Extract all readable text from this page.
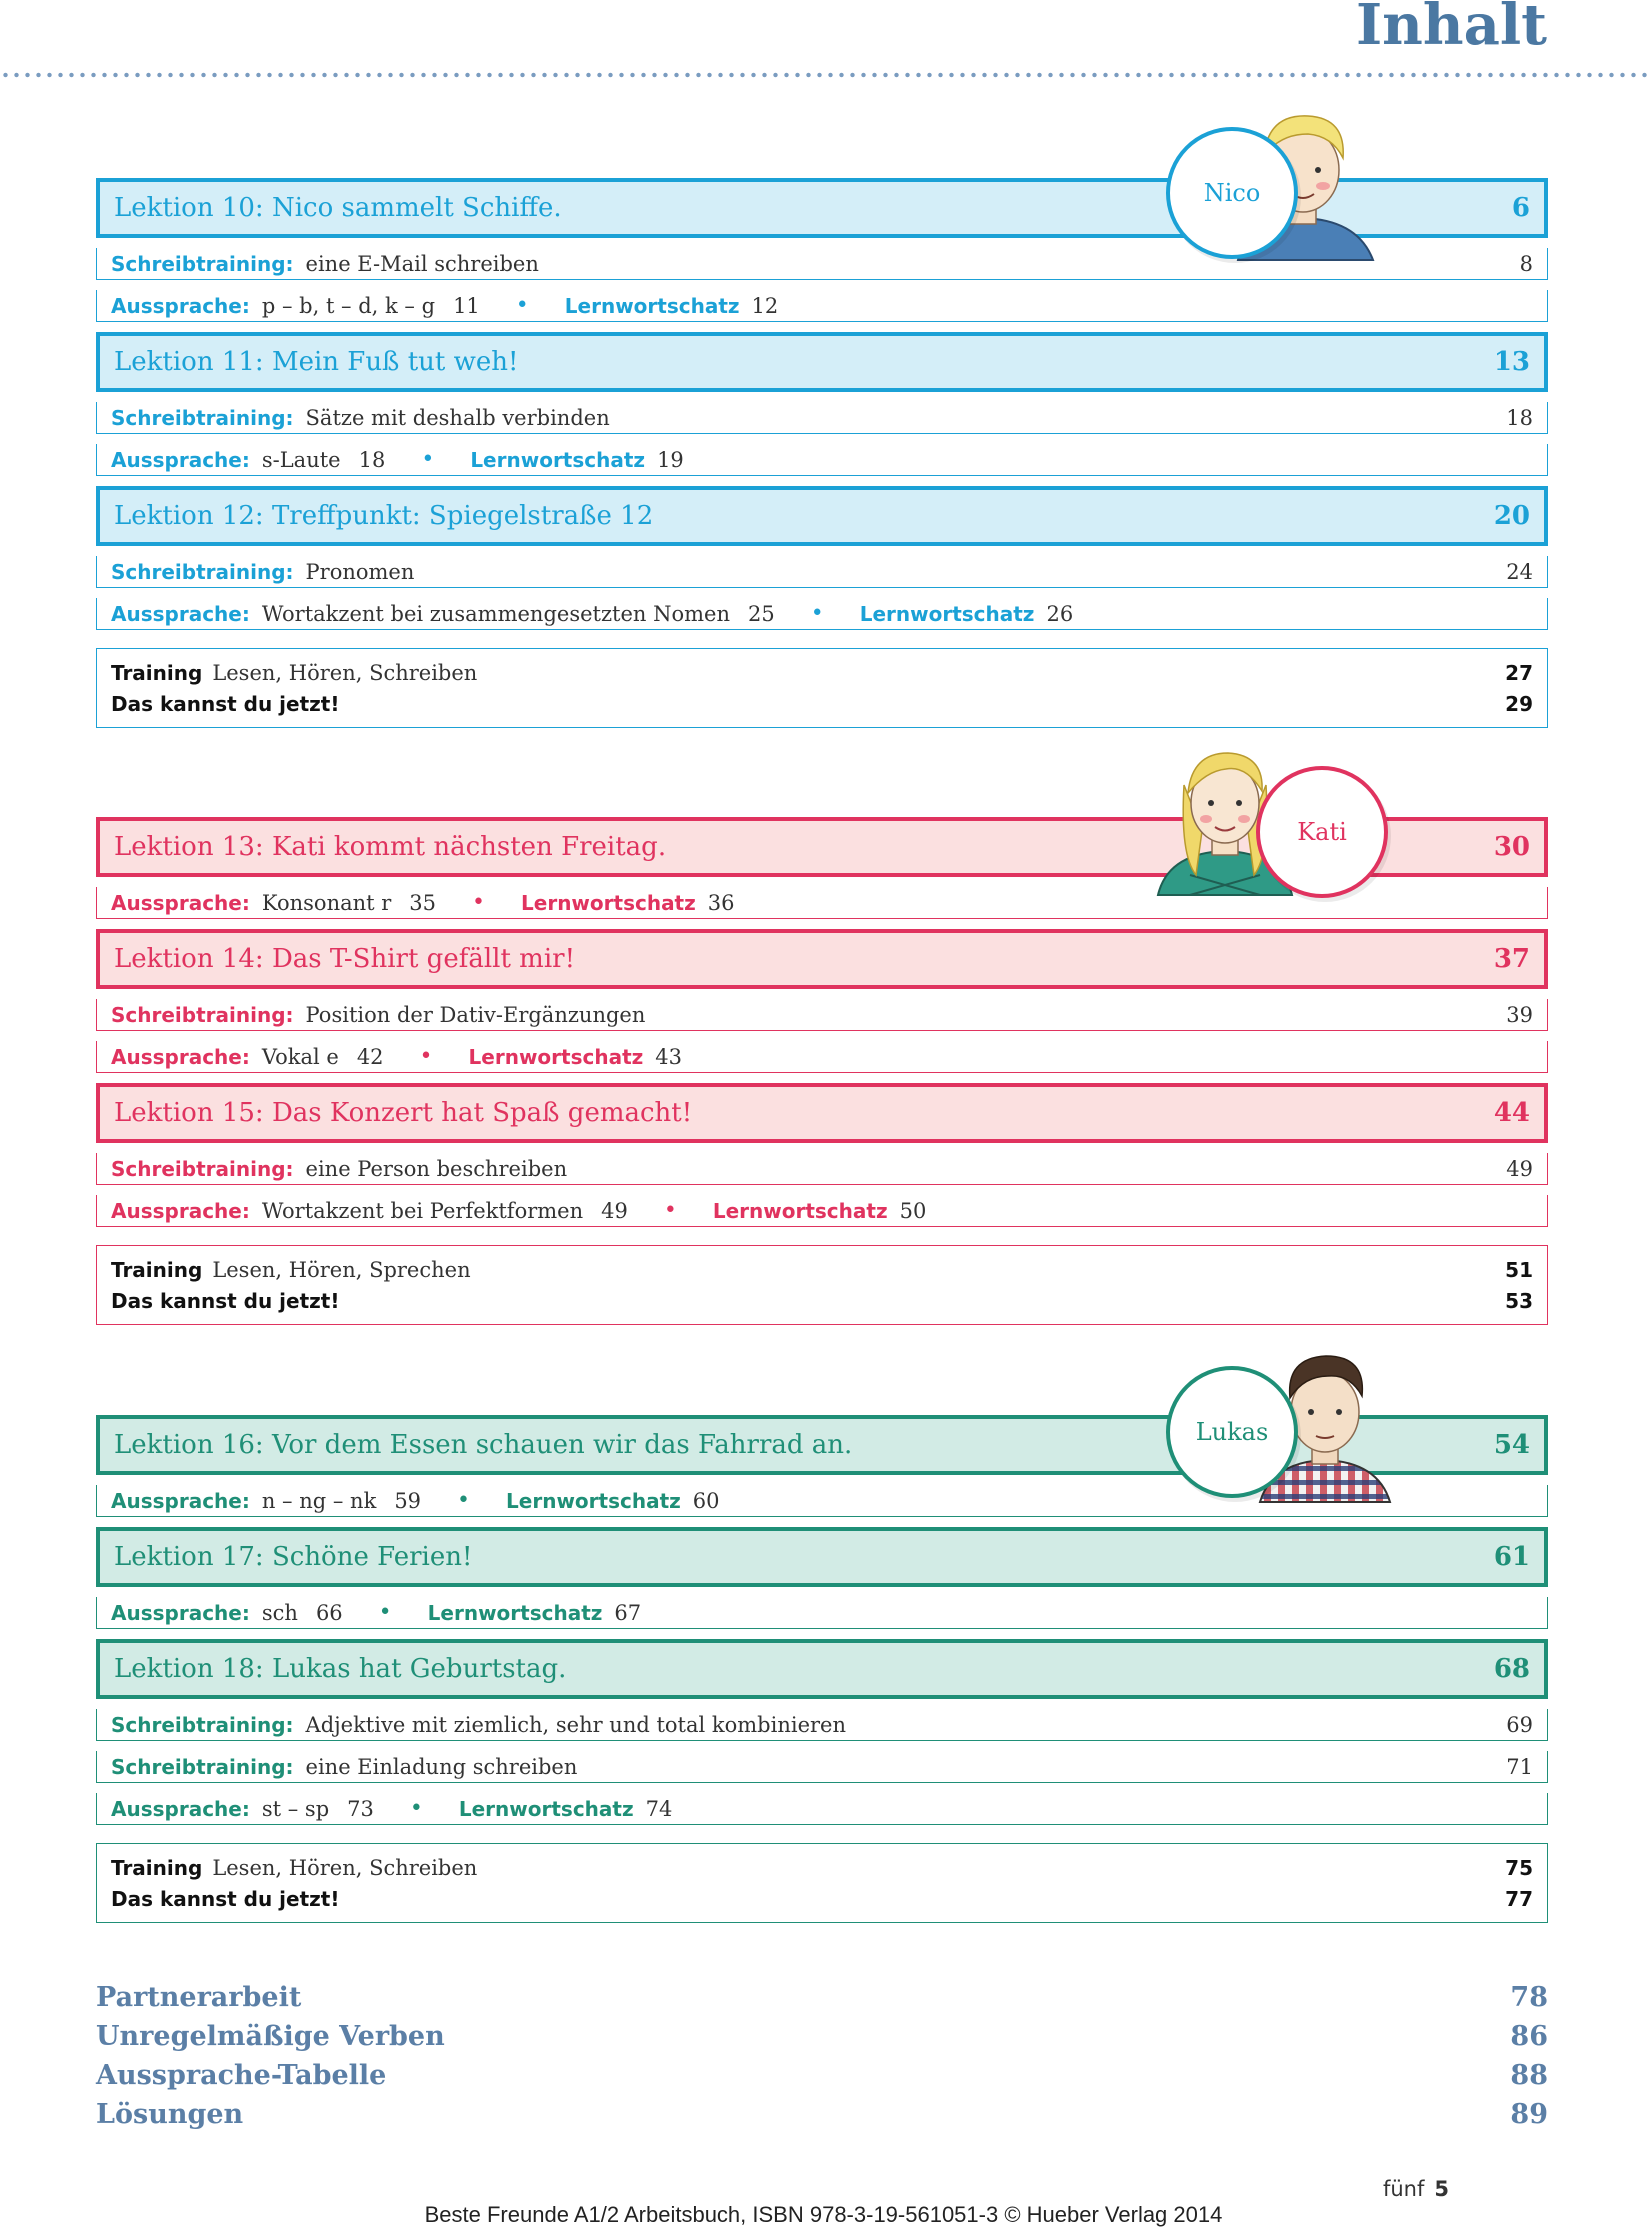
Inhalt
Lektion 10: Nico sammelt Schiffe.	6
Schreibtraining: eine E-Mail schreiben	8
Aussprache: p – b, t – d, k – g 11 • Lernwortschatz 12
Lektion 11: Mein Fuß tut weh!	13
Schreibtraining: Sätze mit deshalb verbinden	18
Aussprache: s-Laute 18 • Lernwortschatz 19
Lektion 12: Treffpunkt: Spiegelstraße 12	20
Schreibtraining: Pronomen	24
Aussprache: Wortakzent bei zusammengesetzten Nomen 25 • Lernwortschatz 26
Training Lesen, Hören, Schreiben	27
Das kannst du jetzt!	29
Nico
Lektion 13: Kati kommt nächsten Freitag.	30
Aussprache: Konsonant r 35 • Lernwortschatz 36
Lektion 14: Das T-Shirt gefällt mir!	37
Schreibtraining: Position der Dativ-Ergänzungen	39
Aussprache: Vokal e 42 • Lernwortschatz 43
Lektion 15: Das Konzert hat Spaß gemacht!	44
Schreibtraining: eine Person beschreiben	49
Aussprache: Wortakzent bei Perfektformen 49 • Lernwortschatz 50
Training Lesen, Hören, Sprechen	51
Das kannst du jetzt!	53
Kati
Lektion 16: Vor dem Essen schauen wir das Fahrrad an.	54
Aussprache: n – ng – nk 59 • Lernwortschatz 60
Lektion 17: Schöne Ferien!	61
Aussprache: sch 66 • Lernwortschatz 67
Lektion 18: Lukas hat Geburtstag.	68
Schreibtraining: Adjektive mit ziemlich, sehr und total kombinieren	69
Schreibtraining: eine Einladung schreiben	71
Aussprache: st – sp 73 • Lernwortschatz 74
Training Lesen, Hören, Schreiben	75
Das kannst du jetzt!	77
Lukas
Partnerarbeit	78
Unregelmäßige Verben	86
Aussprache-Tabelle	88
Lösungen	89
fünf 5
Beste Freunde A1/2 Arbeitsbuch, ISBN 978-3-19-561051-3 © Hueber Verlag 2014
